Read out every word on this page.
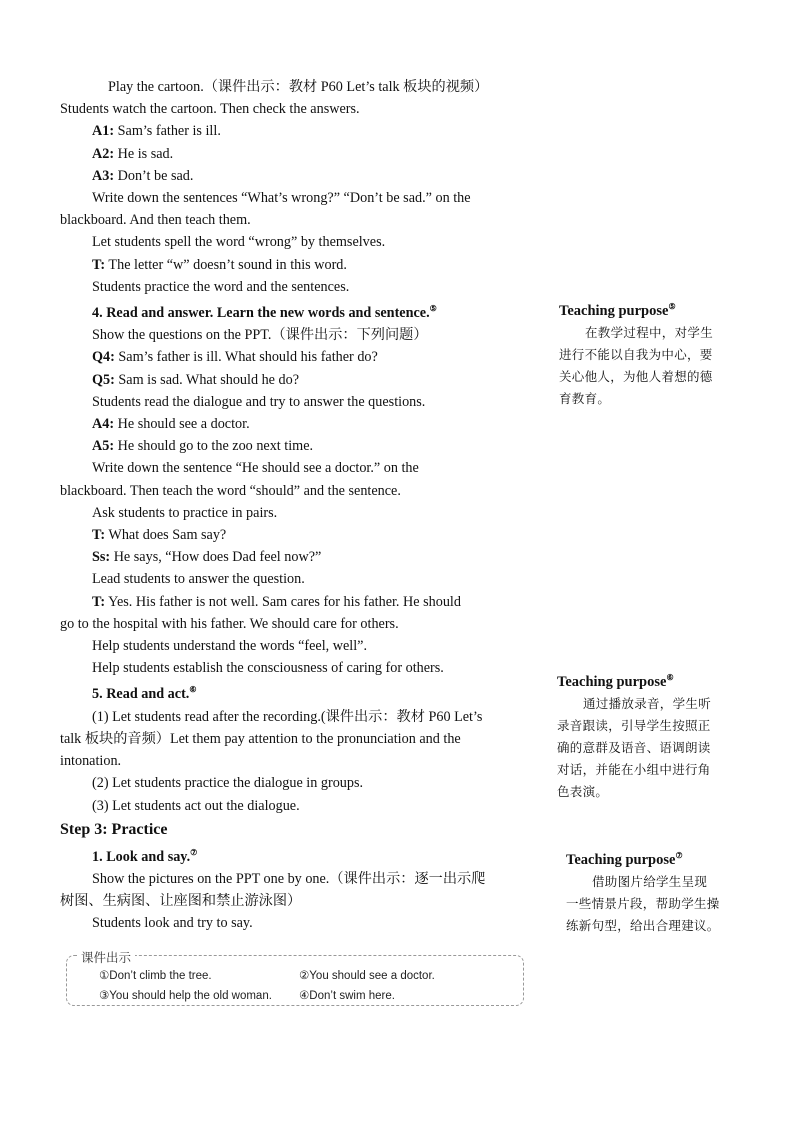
Play the cartoon.（课件出示：教材 P60 Let’s talk 板块的视频）

Students watch the cartoon. Then check the answers.

A1: Sam’s father is ill.

A2: He is sad.

A3: Don’t be sad.

Write down the sentences “What’s wrong?” “Don’t be sad.” on the

blackboard. And then teach them.

Let students spell the word “wrong” by themselves.

T: The letter “w” doesn’t sound in this word.

Students practice the word and the sentences.

4. Read and answer. Learn the new words and sentence.⑤

Show the questions on the PPT.（课件出示：下列问题）

Q4: Sam’s father is ill. What should his father do?

Q5: Sam is sad. What should he do?

Students read the dialogue and try to answer the questions.

A4: He should see a doctor.

A5: He should go to the zoo next time.

Write down the sentence “He should see a doctor.” on the

blackboard. Then teach the word “should” and the sentence.

Ask students to practice in pairs.

T: What does Sam say?

Ss: He says, “How does Dad feel now?”

Lead students to answer the question.

T: Yes. His father is not well. Sam cares for his father. He should

go to the hospital with his father. We should care for others.

Help students understand the words “feel, well”.

Help students establish the consciousness of caring for others.

5. Read and act.⑥

(1) Let students read after the recording.(课件出示：教材 P60 Let’s

talk 板块的音频）Let them pay attention to the pronunciation and the

intonation.

(2) Let students practice the dialogue in groups.

(3) Let students act out the dialogue.

Step 3: Practice

1. Look and say.⑦

Show the pictures on the PPT one by one.（课件出示：逐一出示爬

树图、生病图、让座图和禁止游泳图）

Students look and try to say.

课件出示
①Don’t climb the tree.	②You should see a doctor.
③You should help the old woman. ④Don’t swim here.
Teaching purpose⑤

在教学过程中，对学生

进行不能以自我为中心，要

关心他人，为他人着想的德

育教育。

Teaching purpose⑥

通过播放录音，学生听

录音跟读，引导学生按照正

确的意群及语音、语调朗读

对话，并能在小组中进行角

色表演。

Teaching purpose⑦

借助图片给学生呈现

一些情景片段，帮助学生操

练新句型，给出合理建议。
